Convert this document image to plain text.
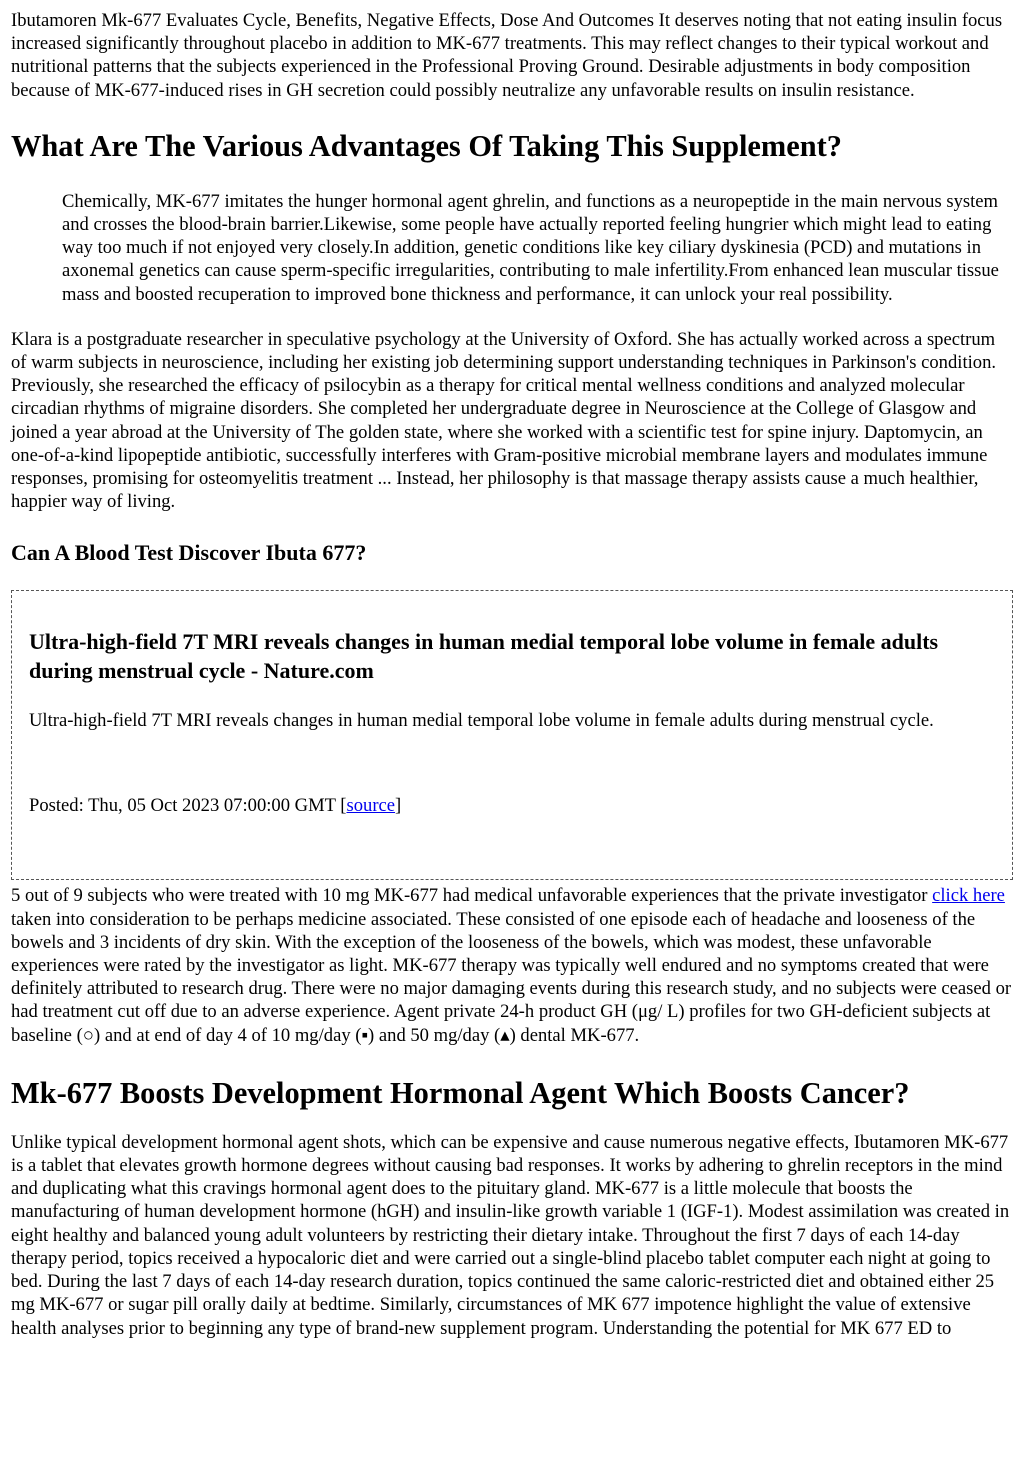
Ibutamoren Mk-677 Evaluates Cycle, Benefits, Negative Effects, Dose And Outcomes It deserves noting that not eating insulin focus increased significantly throughout placebo in addition to MK-677 treatments. This may reflect changes to their typical workout and nutritional patterns that the subjects experienced in the Professional Proving Ground. Desirable adjustments in body composition because of MK-677-induced rises in GH secretion could possibly neutralize any unfavorable results on insulin resistance.

What Are The Various Advantages Of Taking This Supplement?
Chemically, MK-677 imitates the hunger hormonal agent ghrelin, and functions as a neuropeptide in the main nervous system and crosses the blood-brain barrier.Likewise, some people have actually reported feeling hungrier which might lead to eating way too much if not enjoyed very closely.In addition, genetic conditions like key ciliary dyskinesia (PCD) and mutations in axonemal genetics can cause sperm-specific irregularities, contributing to male infertility.From enhanced lean muscular tissue mass and boosted recuperation to improved bone thickness and performance, it can unlock your real possibility.

Klara is a postgraduate researcher in speculative psychology at the University of Oxford. She has actually worked across a spectrum of warm subjects in neuroscience, including her existing job determining support understanding techniques in Parkinson's condition. Previously, she researched the efficacy of psilocybin as a therapy for critical mental wellness conditions and analyzed molecular circadian rhythms of migraine disorders. She completed her undergraduate degree in Neuroscience at the College of Glasgow and joined a year abroad at the University of The golden state, where she worked with a scientific test for spine injury. Daptomycin, an one-of-a-kind lipopeptide antibiotic, successfully interferes with Gram-positive microbial membrane layers and modulates immune responses, promising for osteomyelitis treatment ... Instead, her philosophy is that massage therapy assists cause a much healthier, happier way of living.

Can A Blood Test Discover Ibuta 677?
Ultra-high-field 7T MRI reveals changes in human medial temporal lobe volume in female adults during menstrual cycle - Nature.com

Ultra-high-field 7T MRI reveals changes in human medial temporal lobe volume in female adults during menstrual cycle.

Posted: Thu, 05 Oct 2023 07:00:00 GMT [source]

5 out of 9 subjects who were treated with 10 mg MK-677 had medical unfavorable experiences that the private investigator click here taken into consideration to be perhaps medicine associated. These consisted of one episode each of headache and looseness of the bowels and 3 incidents of dry skin. With the exception of the looseness of the bowels, which was modest, these unfavorable experiences were rated by the investigator as light. MK-677 therapy was typically well endured and no symptoms created that were definitely attributed to research drug. There were no major damaging events during this research study, and no subjects were ceased or had treatment cut off due to an adverse experience. Agent private 24-h product GH (μg/ L) profiles for two GH-deficient subjects at baseline (○) and at end of day 4 of 10 mg/day (▪) and 50 mg/day (▴) dental MK-677.

Mk-677 Boosts Development Hormonal Agent Which Boosts Cancer?

Unlike typical development hormonal agent shots, which can be expensive and cause numerous negative effects, Ibutamoren MK-677 is a tablet that elevates growth hormone degrees without causing bad responses. It works by adhering to ghrelin receptors in the mind and duplicating what this cravings hormonal agent does to the pituitary gland. MK-677 is a little molecule that boosts the manufacturing of human development hormone (hGH) and insulin-like growth variable 1 (IGF-1). Modest assimilation was created in eight healthy and balanced young adult volunteers by restricting their dietary intake. Throughout the first 7 days of each 14-day therapy period, topics received a hypocaloric diet and were carried out a single-blind placebo tablet computer each night at going to bed. During the last 7 days of each 14-day research duration, topics continued the same caloric-restricted diet and obtained either 25 mg MK-677 or sugar pill orally daily at bedtime. Similarly, circumstances of MK 677 impotence highlight the value of extensive health analyses prior to beginning any type of brand-new supplement program. Understanding the potential for MK 677 ED to
